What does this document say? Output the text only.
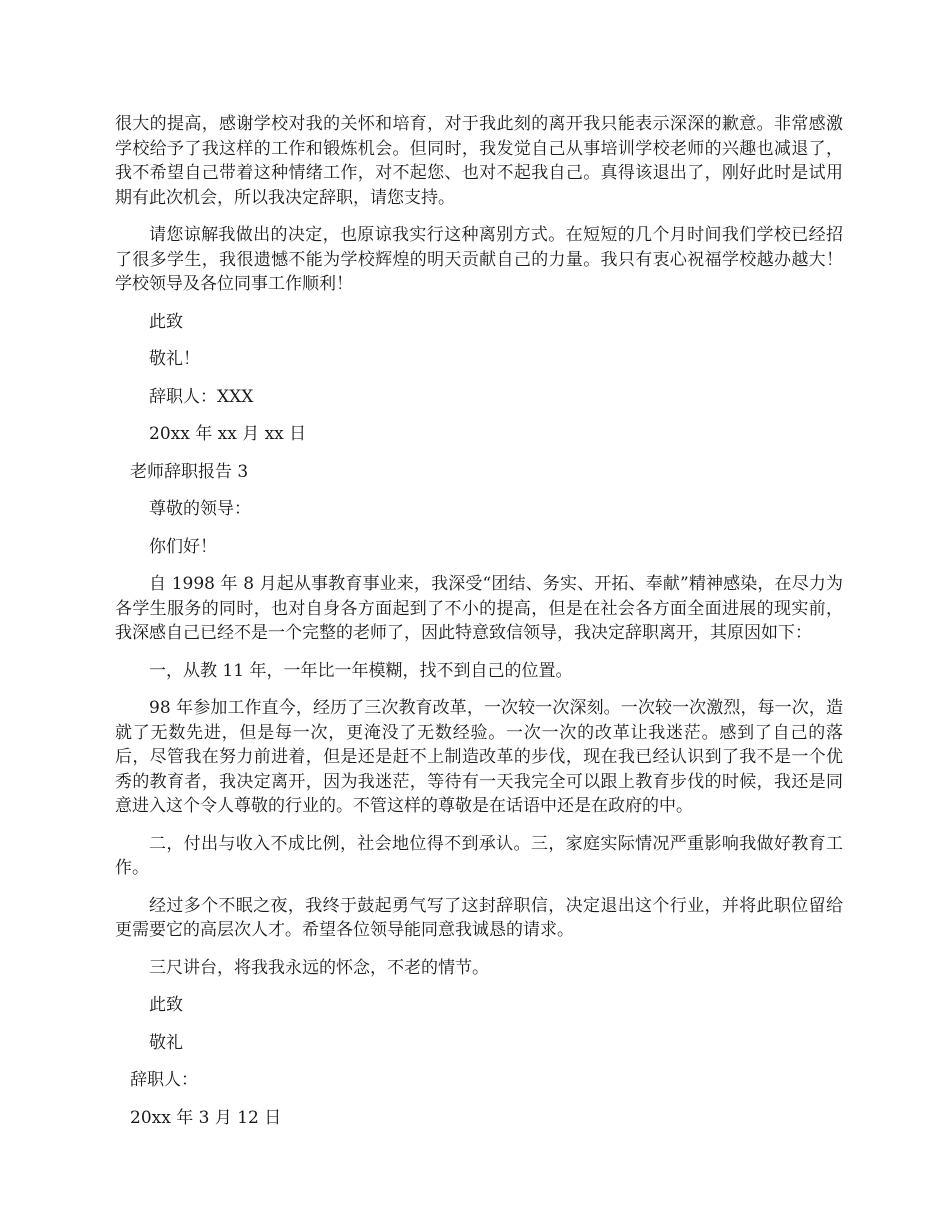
很大的提高，感谢学校对我的关怀和培育，对于我此刻的离开我只能表示深深的歉意。非常感激学校给予了我这样的工作和锻炼机会。但同时，我发觉自己从事培训学校老师的兴趣也减退了，我不希望自己带着这种情绪工作，对不起您、也对不起我自己。真得该退出了，刚好此时是试用期有此次机会，所以我决定辞职，请您支持。

请您谅解我做出的决定，也原谅我实行这种离别方式。在短短的几个月时间我们学校已经招了很多学生，我很遗憾不能为学校辉煌的明天贡献自己的力量。我只有衷心祝福学校越办越大！学校领导及各位同事工作顺利！

此致

敬礼！

辞职人：XXX

20xx 年 xx 月 xx 日

老师辞职报告 3

尊敬的领导：

你们好！

自 1998 年 8 月起从事教育事业来，我深受“团结、务实、开拓、奉献”精神感染，在尽力为各学生服务的同时，也对自身各方面起到了不小的提高，但是在社会各方面全面进展的现实前，我深感自己已经不是一个完整的老师了，因此特意致信领导，我决定辞职离开，其原因如下：

一，从教 11 年，一年比一年模糊，找不到自己的位置。

98 年参加工作直今，经历了三次教育改革，一次较一次深刻。一次较一次激烈，每一次，造就了无数先进，但是每一次，更淹没了无数经验。一次一次的改革让我迷茫。感到了自己的落后，尽管我在努力前进着，但是还是赶不上制造改革的步伐，现在我已经认识到了我不是一个优秀的教育者，我决定离开，因为我迷茫，等待有一天我完全可以跟上教育步伐的时候，我还是同意进入这个令人尊敬的行业的。不管这样的尊敬是在话语中还是在政府的中。

二，付出与收入不成比例，社会地位得不到承认。三，家庭实际情况严重影响我做好教育工作。

经过多个不眠之夜，我终于鼓起勇气写了这封辞职信，决定退出这个行业，并将此职位留给更需要它的高层次人才。希望各位领导能同意我诚恳的请求。

三尺讲台，将我我永远的怀念，不老的情节。

此致

敬礼

辞职人：

20xx 年 3 月 12 日
